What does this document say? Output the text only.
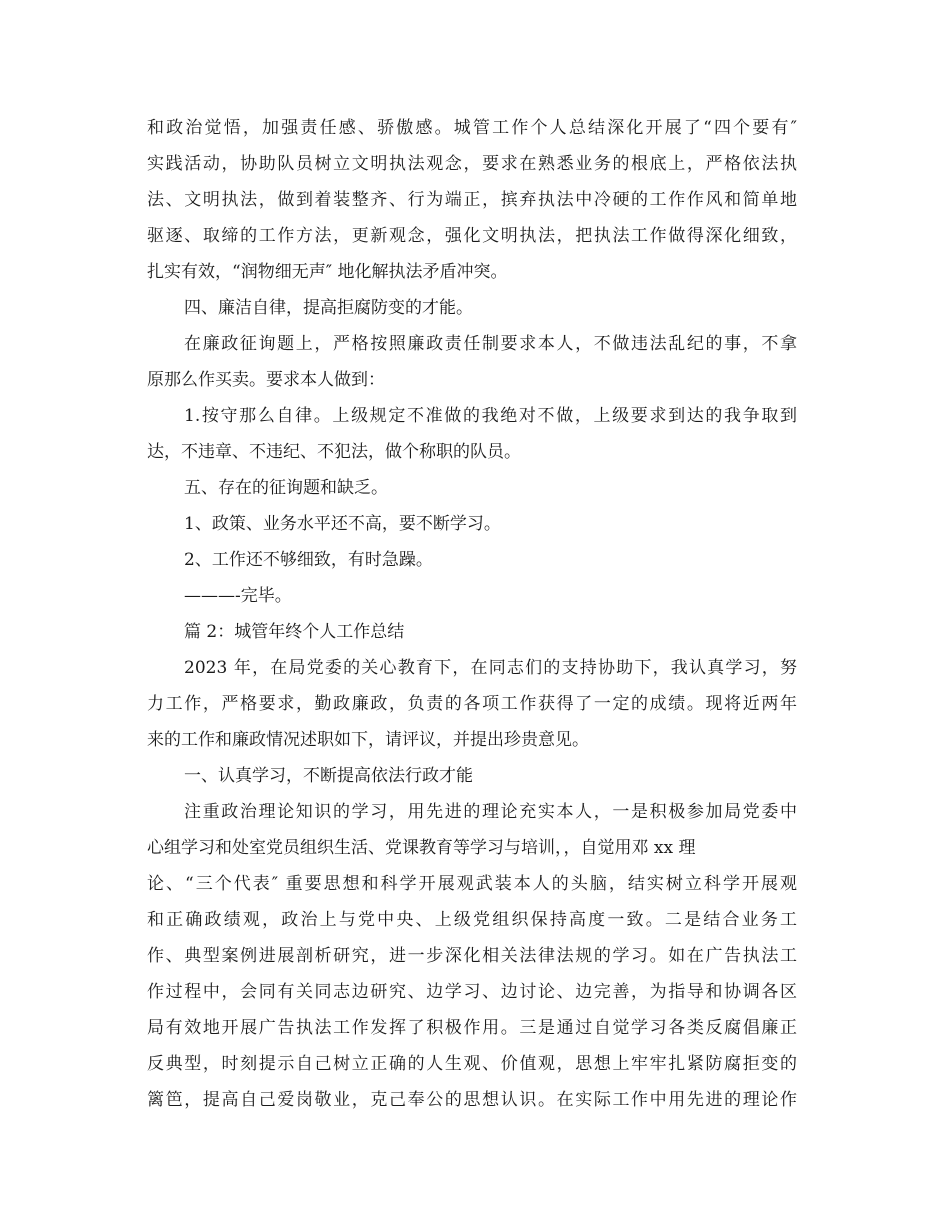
和政治觉悟，加强责任感、骄傲感。城管工作个人总结深化开展了“四个要有″
实践活动，协助队员树立文明执法观念，要求在熟悉业务的根底上，严格依法执
法、文明执法，做到着装整齐、行为端正，摈弃执法中冷硬的工作作风和简单地
驱逐、取缔的工作方法，更新观念，强化文明执法，把执法工作做得深化细致，
扎实有效，“润物细无声″ 地化解执法矛盾冲突。
四、廉洁自律，提高拒腐防变的才能。
在廉政征询题上，严格按照廉政责任制要求本人，不做违法乱纪的事，不拿
原那么作买卖。要求本人做到：
1.按守那么自律。上级规定不准做的我绝对不做，上级要求到达的我争取到
达，不违章、不违纪、不犯法，做个称职的队员。
五、存在的征询题和缺乏。
1、政策、业务水平还不高，要不断学习。
2、工作还不够细致，有时急躁。
———-完毕。
篇 2：城管年终个人工作总结
2023 年，在局党委的关心教育下，在同志们的支持协助下，我认真学习，努
力工作，严格要求，勤政廉政，负责的各项工作获得了一定的成绩。现将近两年
来的工作和廉政情况述职如下，请评议，并提出珍贵意见。
一、认真学习，不断提高依法行政才能
注重政治理论知识的学习，用先进的理论充实本人，一是积极参加局党委中
心组学习和处室党员组织生活、党课教育等学习与培训，，自觉用邓 xx 理
论、“三个代表″ 重要思想和科学开展观武装本人的头脑，结实树立科学开展观
和正确政绩观，政治上与党中央、上级党组织保持高度一致。二是结合业务工
作、典型案例进展剖析研究，进一步深化相关法律法规的学习。如在广告执法工
作过程中，会同有关同志边研究、边学习、边讨论、边完善，为指导和协调各区
局有效地开展广告执法工作发挥了积极作用。三是通过自觉学习各类反腐倡廉正
反典型，时刻提示自己树立正确的人生观、价值观，思想上牢牢扎紧防腐拒变的
篱笆，提高自己爱岗敬业，克己奉公的思想认识。在实际工作中用先进的理论作
